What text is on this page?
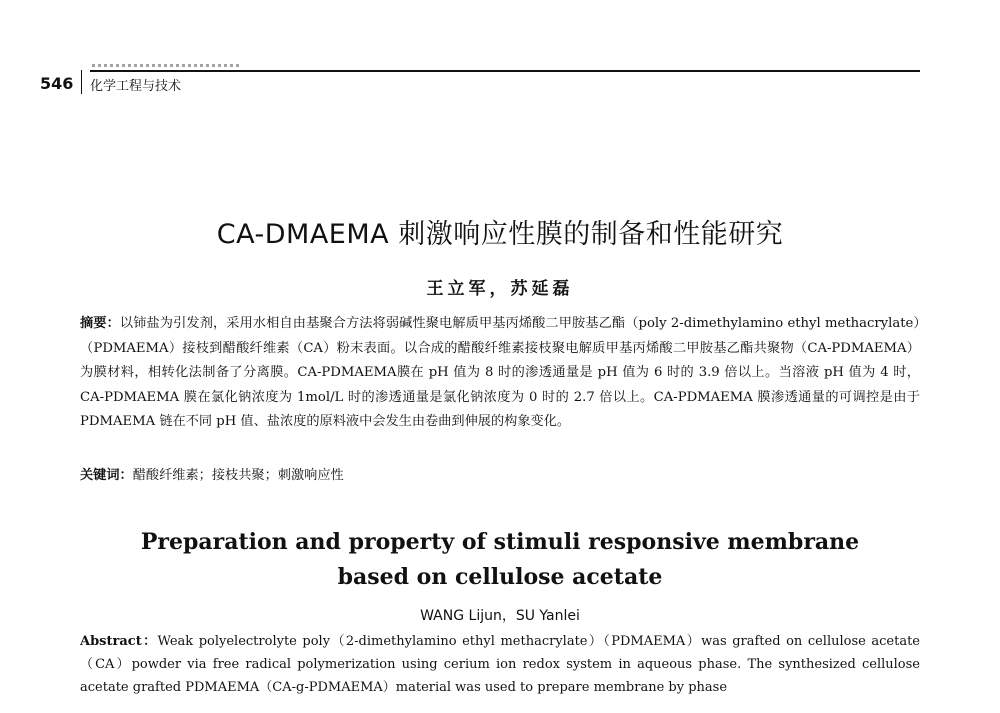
546 化学工程与技术
CA-DMAEMA 刺激响应性膜的制备和性能研究
王立军，苏延磊
摘要：以铈盐为引发剂，采用水相自由基聚合方法将弱碱性聚电解质甲基丙烯酸二甲胺基乙酯（poly 2-dimethylamino ethyl methacrylate）（PDMAEMA）接枝到醋酸纤维素（CA）粉末表面。以合成的醋酸纤维素接枝聚电解质甲基丙烯酸二甲胺基乙酯共聚物（CA-PDMAEMA）为膜材料，相转化法制备了分离膜。CA-PDMAEMA膜在 pH 值为 8 时的渗透通量是 pH 值为 6 时的 3.9 倍以上。当溶液 pH 值为 4 时，CA-PDMAEMA 膜在氯化钠浓度为 1mol/L 时的渗透通量是氯化钠浓度为 0 时的 2.7 倍以上。CA-PDMAEMA 膜渗透通量的可调控是由于 PDMAEMA 链在不同 pH 值、盐浓度的原料液中会发生由卷曲到伸展的构象变化。
关键词：醋酸纤维素；接枝共聚；刺激响应性
Preparation and property of stimuli responsive membrane
based on cellulose acetate
WANG Lijun，SU Yanlei
Abstract：Weak polyelectrolyte poly（2-dimethylamino ethyl methacrylate）（PDMAEMA）was grafted on cellulose acetate（CA）powder via free radical polymerization using cerium ion redox system in aqueous phase. The synthesized cellulose acetate grafted PDMAEMA（CA-g-PDMAEMA）material was used to prepare membrane by phase
